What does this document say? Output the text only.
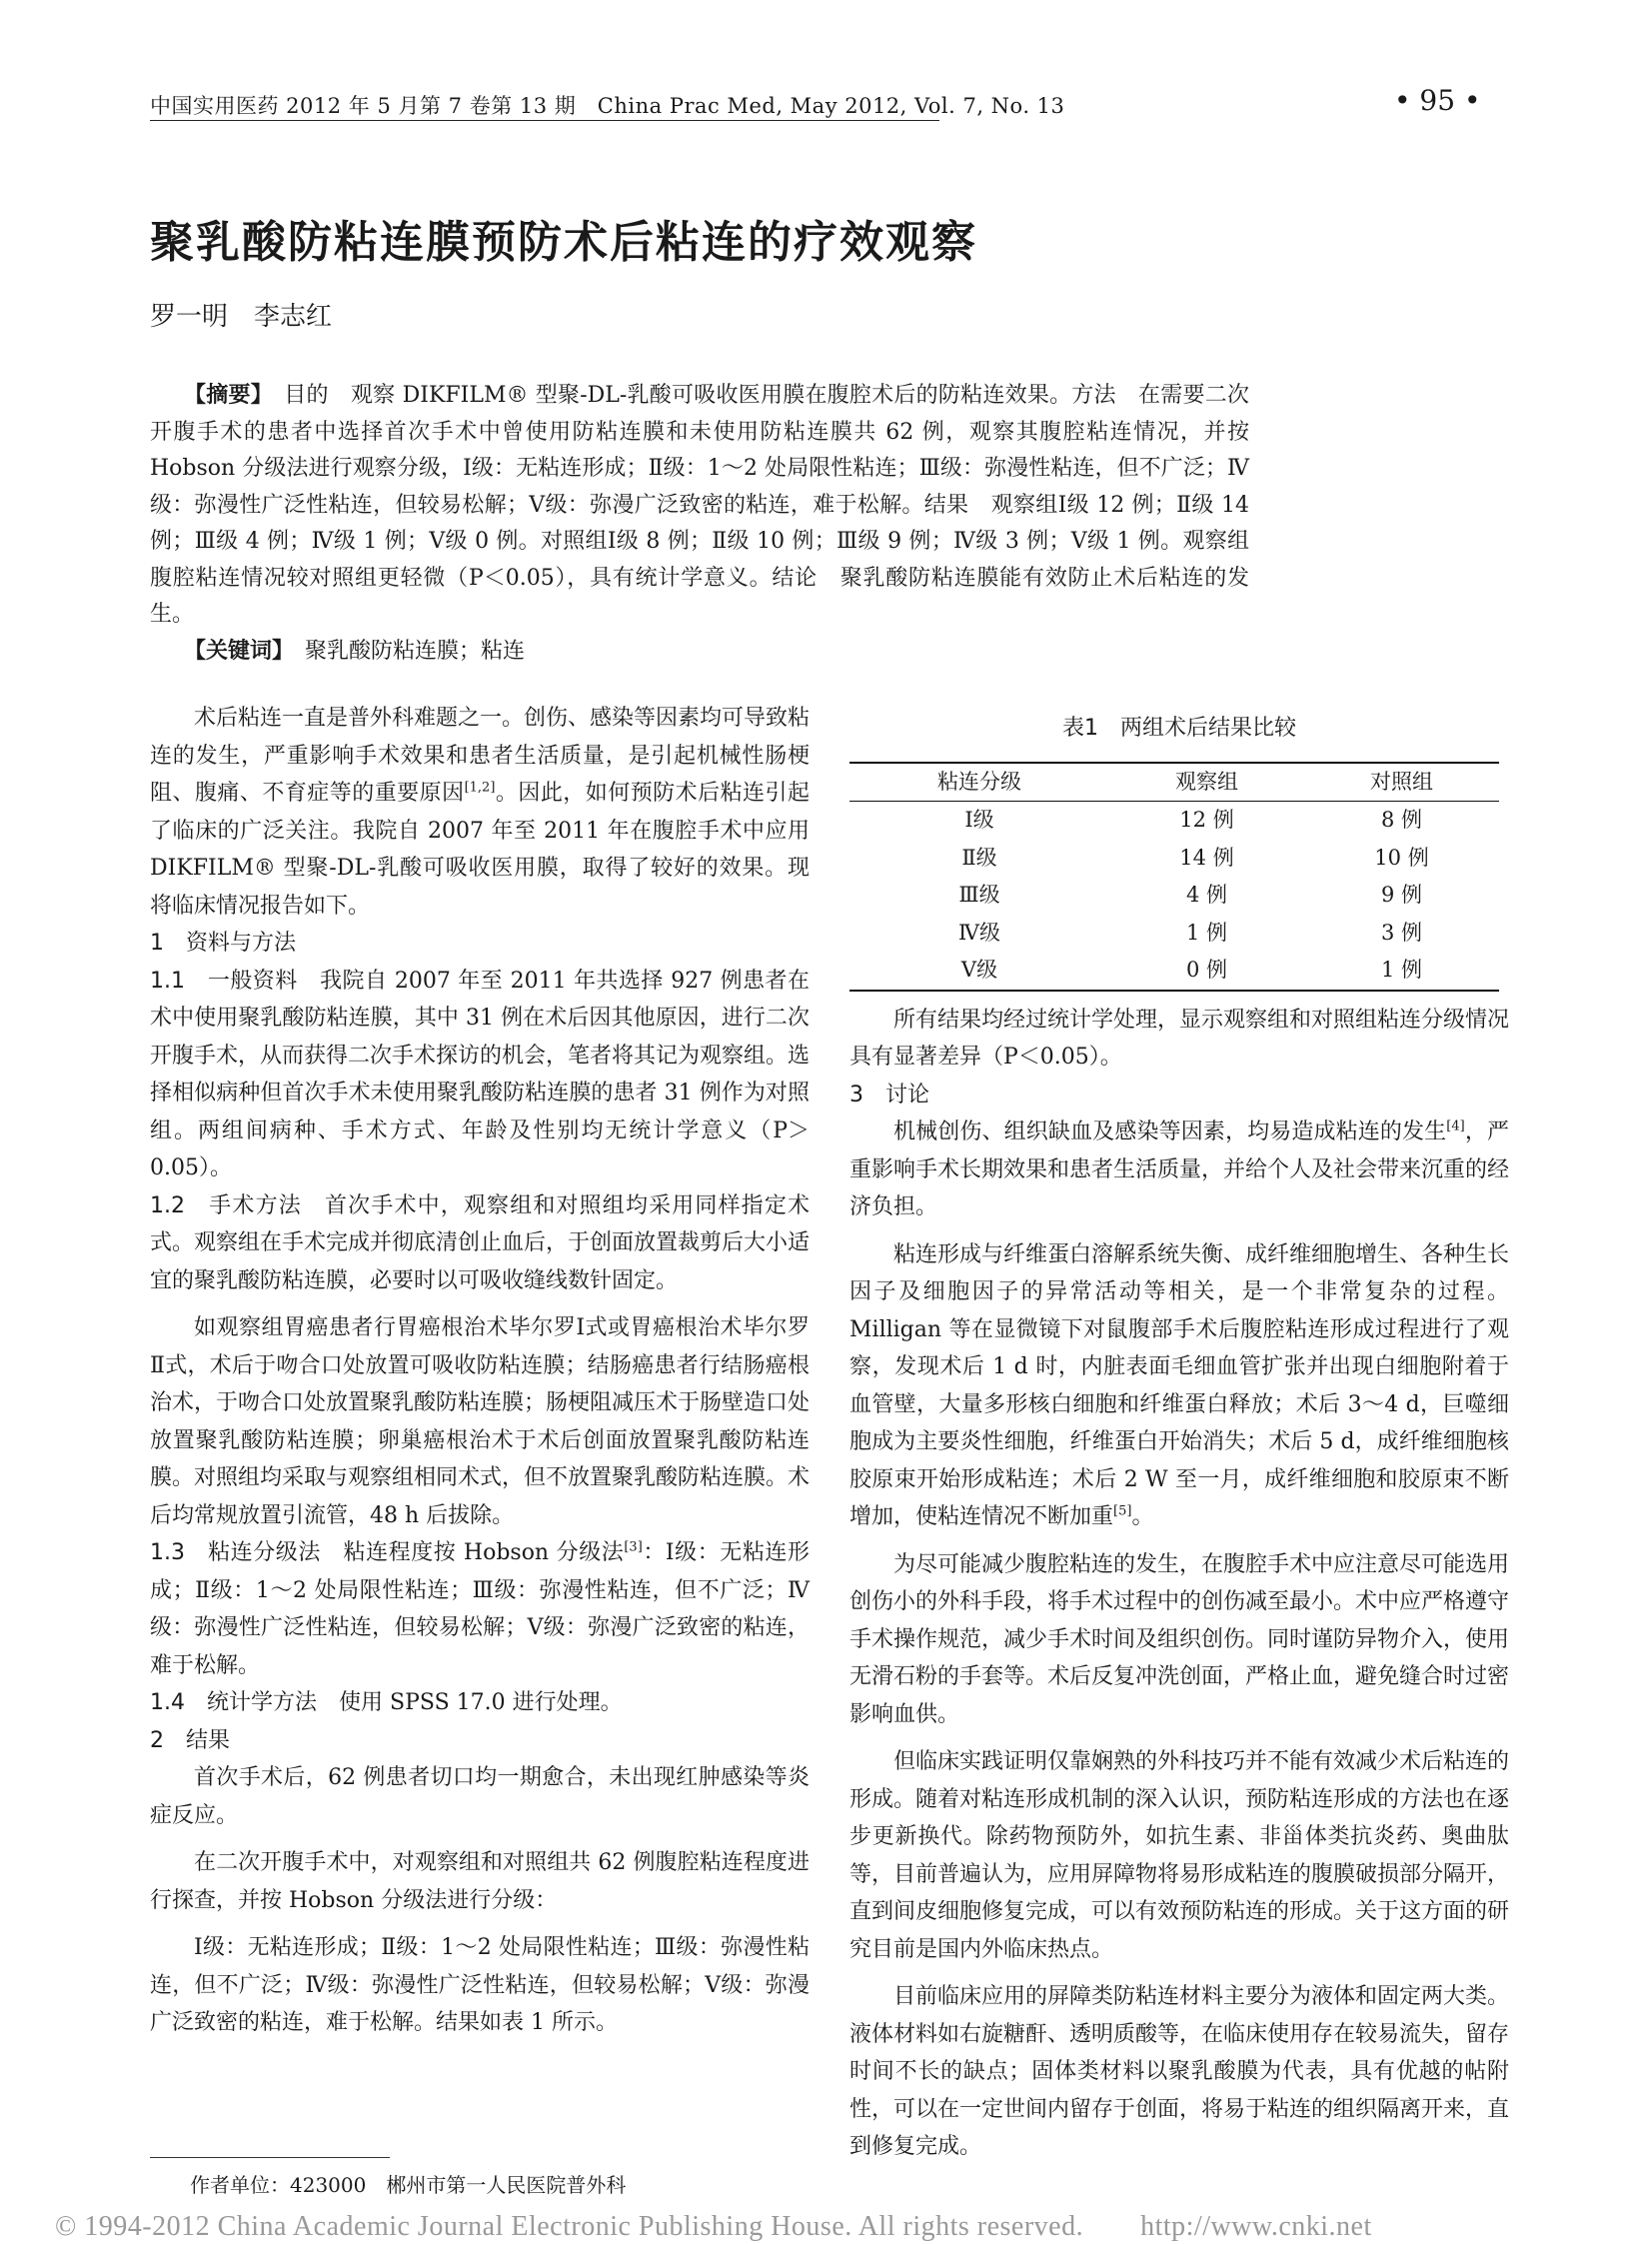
中国实用医药 2012 年 5 月第 7 卷第 13 期　China Prac Med, May 2012, Vol. 7, No. 13	• 95 •
聚乳酸防粘连膜预防术后粘连的疗效观察
罗一明　李志红

【摘要】　 目的　观察 DIKFILM® 型聚-DL-乳酸可吸收医用膜在腹腔术后的防粘连效果。方法　在需要二次开腹手术的患者中选择首次手术中曾使用防粘连膜和未使用防粘连膜共 62 例，观察其腹腔粘连情况，并按 Hobson 分级法进行观察分级，Ⅰ级：无粘连形成；Ⅱ级：1～2 处局限性粘连；Ⅲ级：弥漫性粘连，但不广泛；Ⅳ级：弥漫性广泛性粘连，但较易松解；Ⅴ级：弥漫广泛致密的粘连，难于松解。结果　观察组Ⅰ级 12 例；Ⅱ级 14 例；Ⅲ级 4 例；Ⅳ级 1 例；Ⅴ级 0 例。对照组Ⅰ级 8 例；Ⅱ级 10 例；Ⅲ级 9 例；Ⅳ级 3 例；Ⅴ级 1 例。观察组腹腔粘连情况较对照组更轻微（P＜0.05），具有统计学意义。结论　聚乳酸防粘连膜能有效防止术后粘连的发生。

【关键词】　 聚乳酸防粘连膜；粘连

术后粘连一直是普外科难题之一。创伤、感染等因素均可导致粘连的发生，严重影响手术效果和患者生活质量，是引起机械性肠梗阻、腹痛、不育症等的重要原因[1,2]。因此，如何预防术后粘连引起了临床的广泛关注。我院自 2007 年至 2011 年在腹腔手术中应用 DIKFILM® 型聚-DL-乳酸可吸收医用膜，取得了较好的效果。现将临床情况报告如下。

1　资料与方法

1.1　一般资料　 我院自 2007 年至 2011 年共选择 927 例患者在术中使用聚乳酸防粘连膜，其中 31 例在术后因其他原因，进行二次开腹手术，从而获得二次手术探访的机会，笔者将其记为观察组。选择相似病种但首次手术未使用聚乳酸防粘连膜的患者 31 例作为对照组。两组间病种、手术方式、年龄及性别均无统计学意义（P＞0.05）。

1.2　手术方法　 首次手术中，观察组和对照组均采用同样指定术式。观察组在手术完成并彻底清创止血后，于创面放置裁剪后大小适宜的聚乳酸防粘连膜，必要时以可吸收缝线数针固定。

如观察组胃癌患者行胃癌根治术毕尔罗Ⅰ式或胃癌根治术毕尔罗Ⅱ式，术后于吻合口处放置可吸收防粘连膜；结肠癌患者行结肠癌根治术，于吻合口处放置聚乳酸防粘连膜；肠梗阻减压术于肠壁造口处放置聚乳酸防粘连膜；卵巢癌根治术于术后创面放置聚乳酸防粘连膜。对照组均采取与观察组相同术式，但不放置聚乳酸防粘连膜。术后均常规放置引流管，48 h 后拔除。

1.3　粘连分级法　 粘连程度按 Hobson 分级法[3]：Ⅰ级：无粘连形成；Ⅱ级：1～2 处局限性粘连；Ⅲ级：弥漫性粘连，但不广泛；Ⅳ级：弥漫性广泛性粘连，但较易松解；Ⅴ级：弥漫广泛致密的粘连，难于松解。

1.4　统计学方法　 使用 SPSS 17.0 进行处理。

2　结果

首次手术后，62 例患者切口均一期愈合，未出现红肿感染等炎症反应。

在二次开腹手术中，对观察组和对照组共 62 例腹腔粘连程度进行探查，并按 Hobson 分级法进行分级：

Ⅰ级：无粘连形成；Ⅱ级：1～2 处局限性粘连；Ⅲ级：弥漫性粘连，但不广泛；Ⅳ级：弥漫性广泛性粘连，但较易松解；Ⅴ级：弥漫广泛致密的粘连，难于松解。结果如表 1 所示。

表1　两组术后结果比较
粘连分级	观察组	对照组
Ⅰ级	12 例	8 例
Ⅱ级	14 例	10 例
Ⅲ级	4 例	9 例
Ⅳ级	1 例	3 例
Ⅴ级	0 例	1 例

所有结果均经过统计学处理，显示观察组和对照组粘连分级情况具有显著差异（P＜0.05）。

3　讨论

机械创伤、组织缺血及感染等因素，均易造成粘连的发生[4]，严重影响手术长期效果和患者生活质量，并给个人及社会带来沉重的经济负担。

粘连形成与纤维蛋白溶解系统失衡、成纤维细胞增生、各种生长因子及细胞因子的异常活动等相关，是一个非常复杂的过程。Milligan 等在显微镜下对鼠腹部手术后腹腔粘连形成过程进行了观察，发现术后 1 d 时，内脏表面毛细血管扩张并出现白细胞附着于血管壁，大量多形核白细胞和纤维蛋白释放；术后 3～4 d，巨噬细胞成为主要炎性细胞，纤维蛋白开始消失；术后 5 d，成纤维细胞核胶原束开始形成粘连；术后 2 W 至一月，成纤维细胞和胶原束不断增加，使粘连情况不断加重[5]。

为尽可能减少腹腔粘连的发生，在腹腔手术中应注意尽可能选用创伤小的外科手段，将手术过程中的创伤减至最小。术中应严格遵守手术操作规范，减少手术时间及组织创伤。同时谨防异物介入，使用无滑石粉的手套等。术后反复冲洗创面，严格止血，避免缝合时过密影响血供。

但临床实践证明仅靠娴熟的外科技巧并不能有效减少术后粘连的形成。随着对粘连形成机制的深入认识，预防粘连形成的方法也在逐步更新换代。除药物预防外，如抗生素、非甾体类抗炎药、奥曲肽等，目前普遍认为，应用屏障物将易形成粘连的腹膜破损部分隔开，直到间皮细胞修复完成，可以有效预防粘连的形成。关于这方面的研究目前是国内外临床热点。

目前临床应用的屏障类防粘连材料主要分为液体和固定两大类。液体材料如右旋糖酐、透明质酸等，在临床使用存在较易流失，留存时间不长的缺点；固体类材料以聚乳酸膜为代表，具有优越的帖附性，可以在一定世间内留存于创面，将易于粘连的组织隔离开来，直到修复完成。

作者单位：423000　郴州市第一人民医院普外科
© 1994-2012 China Academic Journal Electronic Publishing House. All rights reserved.　　http://www.cnki.net
